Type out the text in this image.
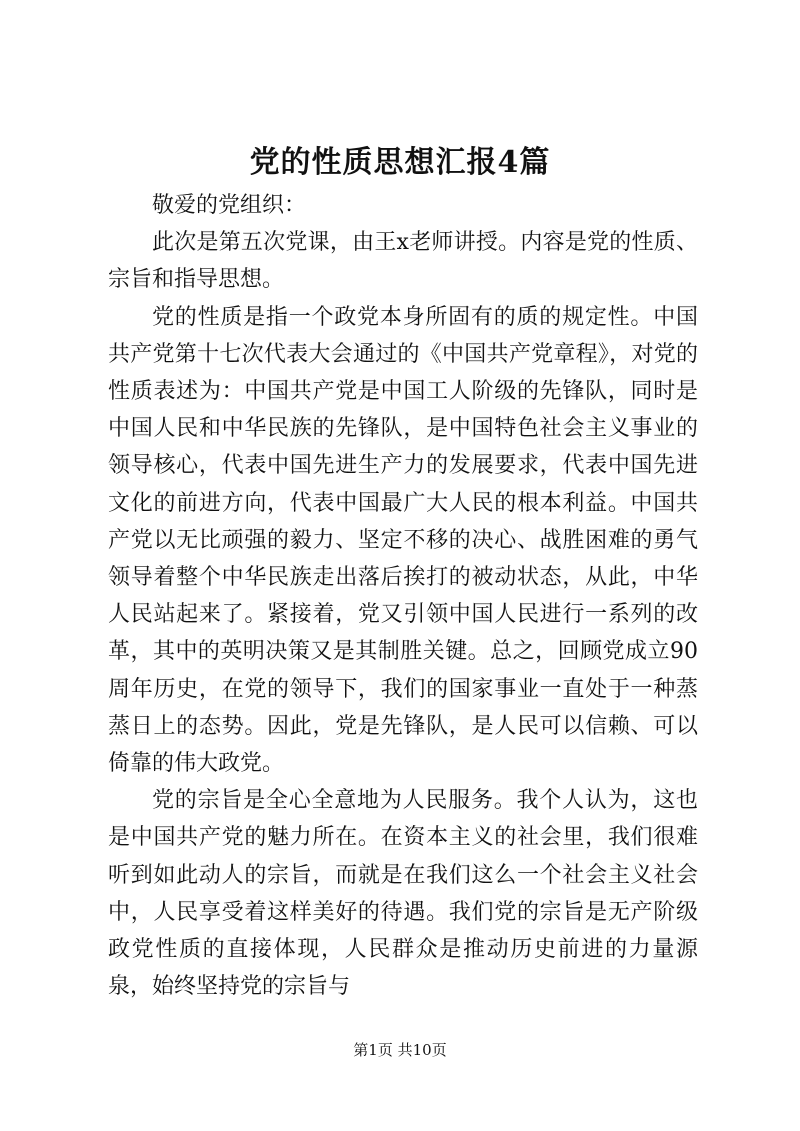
党的性质思想汇报4篇

敬爱的党组织：

此次是第五次党课，由王x老师讲授。内容是党的性质、宗旨和指导思想。

党的性质是指一个政党本身所固有的质的规定性。中国共产党第十七次代表大会通过的《中国共产党章程》，对党的性质表述为：中国共产党是中国工人阶级的先锋队，同时是中国人民和中华民族的先锋队，是中国特色社会主义事业的领导核心，代表中国先进生产力的发展要求，代表中国先进文化的前进方向，代表中国最广大人民的根本利益。中国共产党以无比顽强的毅力、坚定不移的决心、战胜困难的勇气领导着整个中华民族走出落后挨打的被动状态，从此，中华人民站起来了。紧接着，党又引领中国人民进行一系列的改革，其中的英明决策又是其制胜关键。总之，回顾党成立90周年历史，在党的领导下，我们的国家事业一直处于一种蒸蒸日上的态势。因此，党是先锋队，是人民可以信赖、可以倚靠的伟大政党。

党的宗旨是全心全意地为人民服务。我个人认为，这也是中国共产党的魅力所在。在资本主义的社会里，我们很难听到如此动人的宗旨，而就是在我们这么一个社会主义社会中，人民享受着这样美好的待遇。我们党的宗旨是无产阶级政党性质的直接体现，人民群众是推动历史前进的力量源泉，始终坚持党的宗旨与

第1页 共10页
